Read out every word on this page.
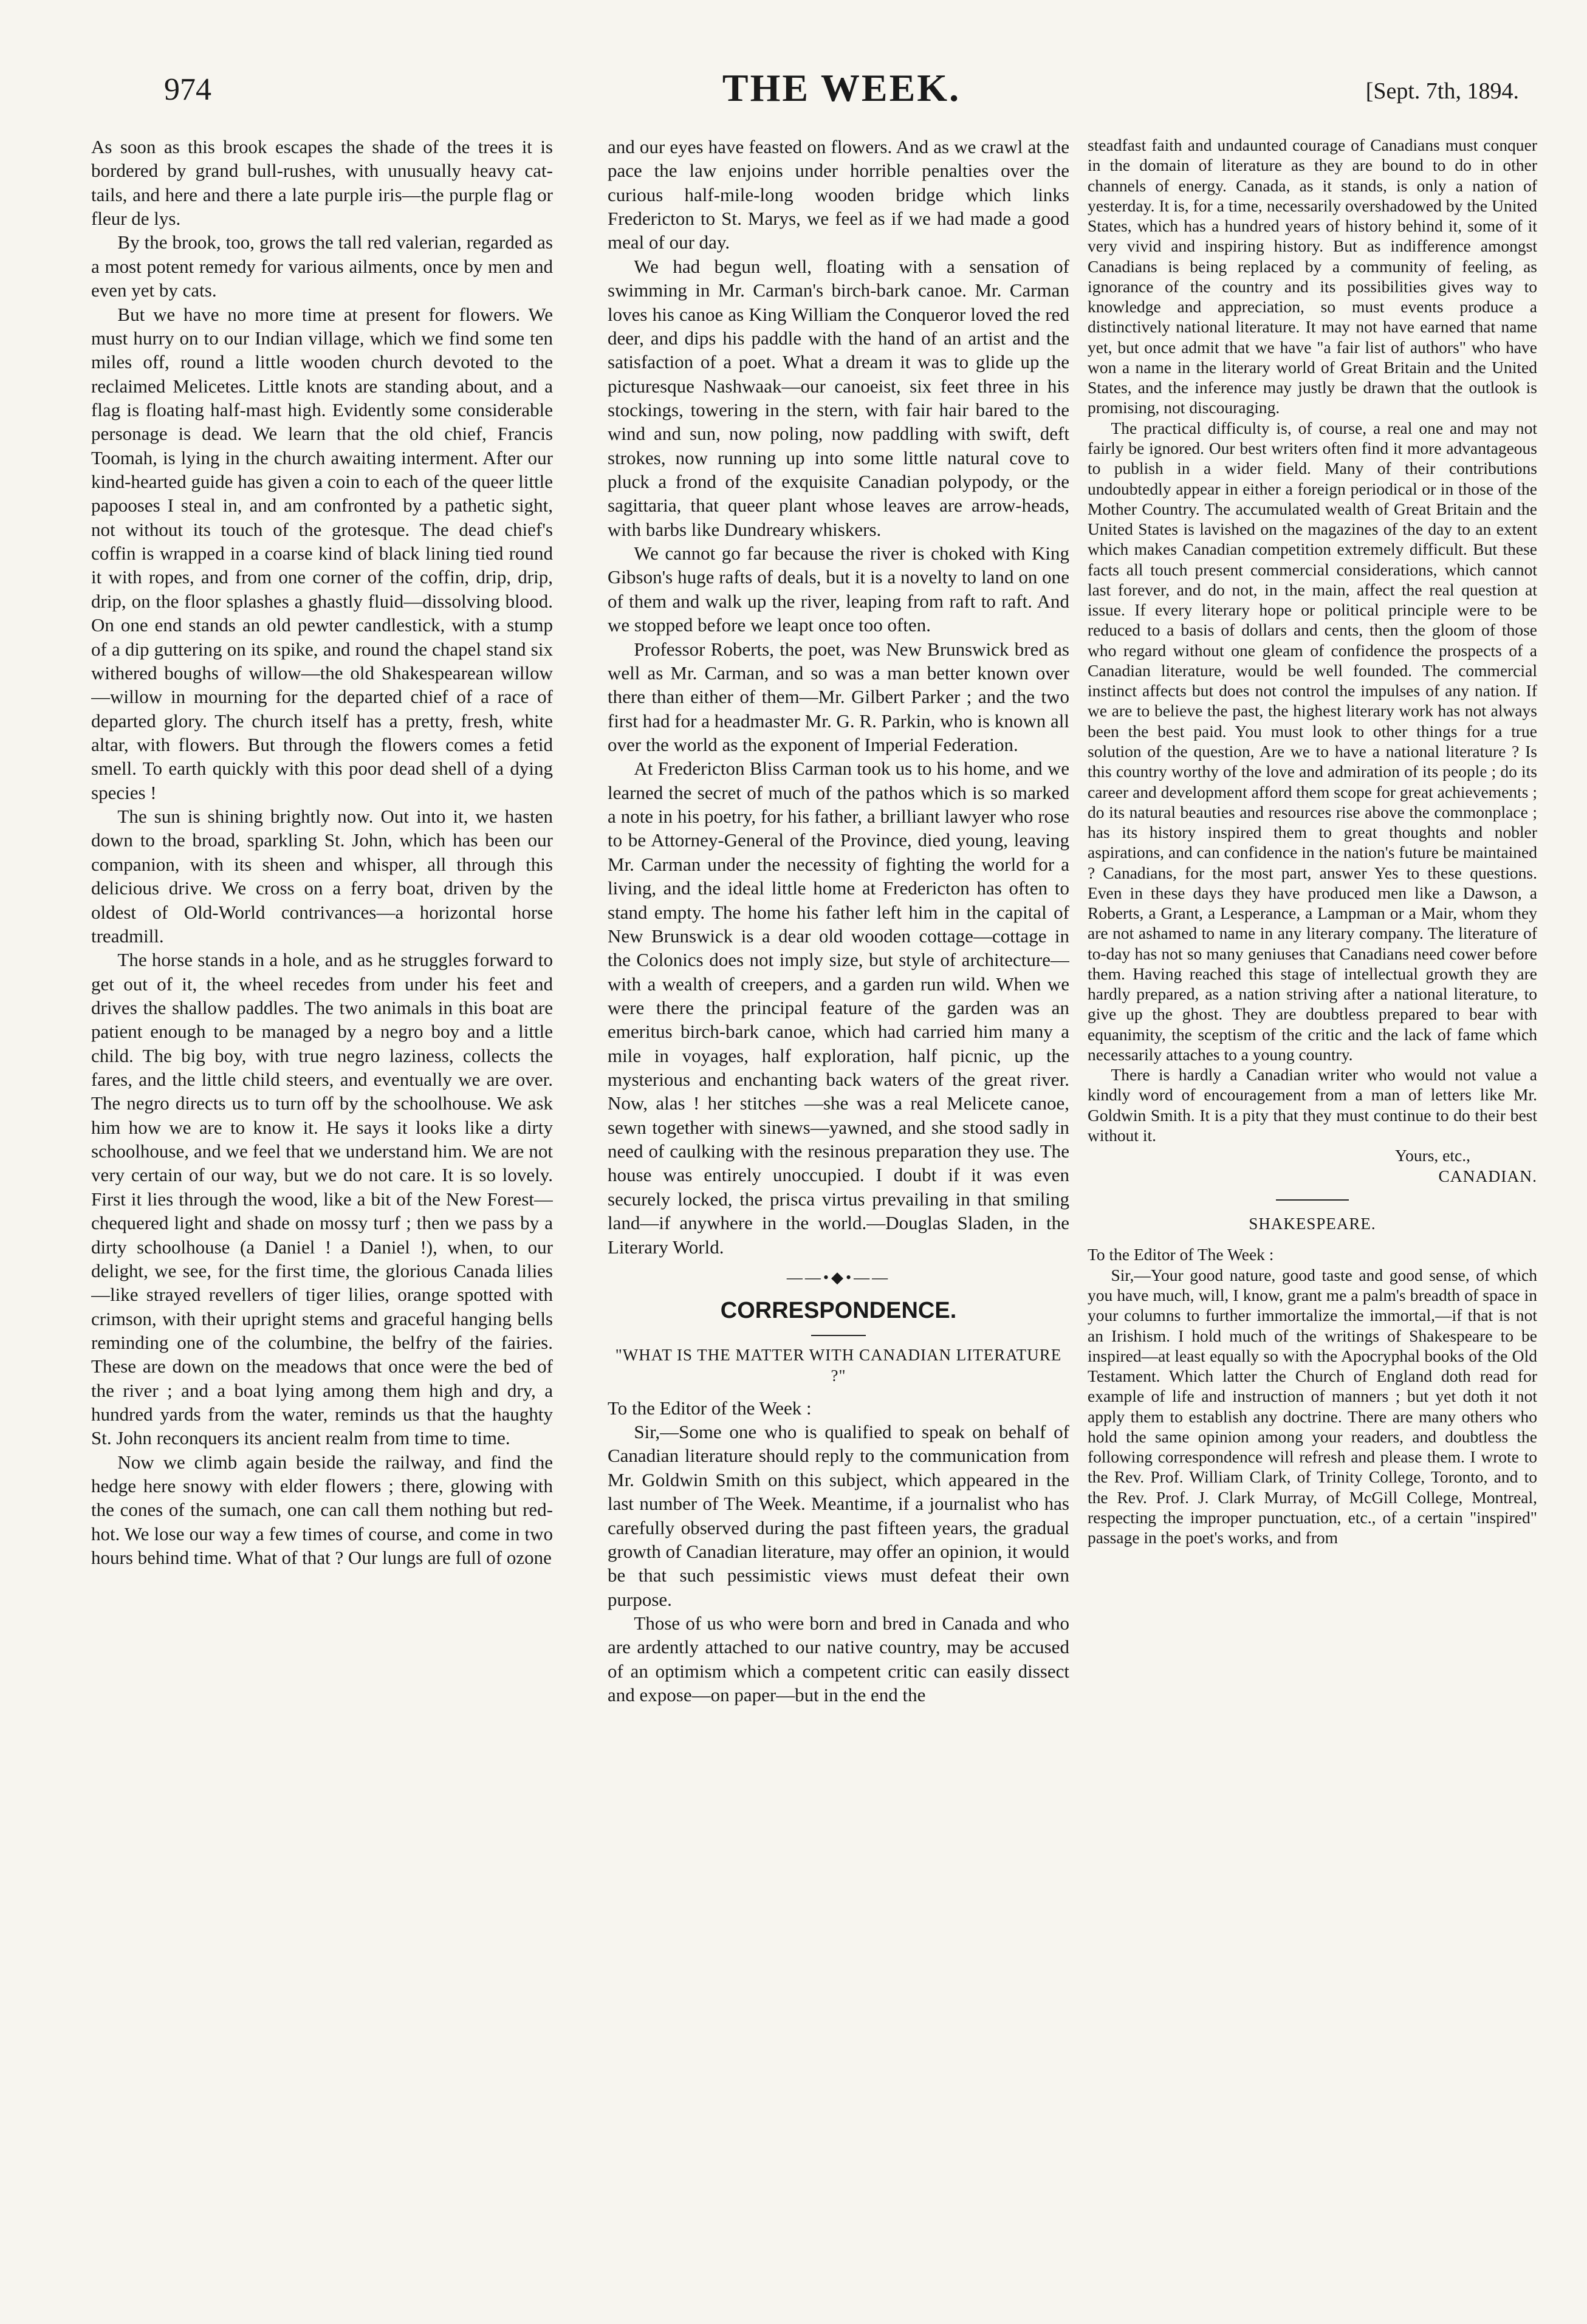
974	THE WEEK.	[Sept. 7th, 1894.

As soon as this brook escapes the shade of the trees it is bordered by grand bull-rushes, with unusually heavy cat-tails, and here and there a late purple iris—the purple flag or fleur de lys.

By the brook, too, grows the tall red valerian, regarded as a most potent remedy for various ailments, once by men and even yet by cats.

But we have no more time at present for flowers. We must hurry on to our Indian village, which we find some ten miles off, round a little wooden church devoted to the reclaimed Melicetes. Little knots are standing about, and a flag is floating half-mast high. Evidently some considerable personage is dead. We learn that the old chief, Francis Toomah, is lying in the church awaiting interment. After our kind-hearted guide has given a coin to each of the queer little papooses I steal in, and am confronted by a pathetic sight, not without its touch of the grotesque. The dead chief's coffin is wrapped in a coarse kind of black lining tied round it with ropes, and from one corner of the coffin, drip, drip, drip, on the floor splashes a ghastly fluid—dissolving blood. On one end stands an old pewter candlestick, with a stump of a dip guttering on its spike, and round the chapel stand six withered boughs of willow—the old Shakespearean willow—willow in mourning for the departed chief of a race of departed glory. The church itself has a pretty, fresh, white altar, with flowers. But through the flowers comes a fetid smell. To earth quickly with this poor dead shell of a dying species !

The sun is shining brightly now. Out into it, we hasten down to the broad, sparkling St. John, which has been our companion, with its sheen and whisper, all through this delicious drive. We cross on a ferry boat, driven by the oldest of Old-World contrivances—a horizontal horse treadmill.

The horse stands in a hole, and as he struggles forward to get out of it, the wheel recedes from under his feet and drives the shallow paddles. The two animals in this boat are patient enough to be managed by a negro boy and a little child. The big boy, with true negro laziness, collects the fares, and the little child steers, and eventually we are over. The negro directs us to turn off by the schoolhouse. We ask him how we are to know it. He says it looks like a dirty schoolhouse, and we feel that we understand him. We are not very certain of our way, but we do not care. It is so lovely. First it lies through the wood, like a bit of the New Forest—chequered light and shade on mossy turf ; then we pass by a dirty schoolhouse (a Daniel ! a Daniel !), when, to our delight, we see, for the first time, the glorious Canada lilies—like strayed revellers of tiger lilies, orange spotted with crimson, with their upright stems and graceful hanging bells reminding one of the columbine, the belfry of the fairies. These are down on the meadows that once were the bed of the river ; and a boat lying among them high and dry, a hundred yards from the water, reminds us that the haughty St. John reconquers its ancient realm from time to time.

Now we climb again beside the railway, and find the hedge here snowy with elder flowers ; there, glowing with the cones of the sumach, one can call them nothing but red-hot. We lose our way a few times of course, and come in two hours behind time. What of that ? Our lungs are full of ozone

and our eyes have feasted on flowers. And as we crawl at the pace the law enjoins under horrible penalties over the curious half-mile-long wooden bridge which links Fredericton to St. Marys, we feel as if we had made a good meal of our day.

We had begun well, floating with a sensation of swimming in Mr. Carman's birch-bark canoe. Mr. Carman loves his canoe as King William the Conqueror loved the red deer, and dips his paddle with the hand of an artist and the satisfaction of a poet. What a dream it was to glide up the picturesque Nashwaak—our canoeist, six feet three in his stockings, towering in the stern, with fair hair bared to the wind and sun, now poling, now paddling with swift, deft strokes, now running up into some little natural cove to pluck a frond of the exquisite Canadian polypody, or the sagittaria, that queer plant whose leaves are arrow-heads, with barbs like Dundreary whiskers.

We cannot go far because the river is choked with King Gibson's huge rafts of deals, but it is a novelty to land on one of them and walk up the river, leaping from raft to raft. And we stopped before we leapt once too often.

Professor Roberts, the poet, was New Brunswick bred as well as Mr. Carman, and so was a man better known over there than either of them—Mr. Gilbert Parker ; and the two first had for a headmaster Mr. G. R. Parkin, who is known all over the world as the exponent of Imperial Federation.

At Fredericton Bliss Carman took us to his home, and we learned the secret of much of the pathos which is so marked a note in his poetry, for his father, a brilliant lawyer who rose to be Attorney-General of the Province, died young, leaving Mr. Carman under the necessity of fighting the world for a living, and the ideal little home at Fredericton has often to stand empty. The home his father left him in the capital of New Brunswick is a dear old wooden cottage—cottage in the Colonics does not imply size, but style of architecture—with a wealth of creepers, and a garden run wild. When we were there the principal feature of the garden was an emeritus birch-bark canoe, which had carried him many a mile in voyages, half exploration, half picnic, up the mysterious and enchanting back waters of the great river. Now, alas ! her stitches —she was a real Melicete canoe, sewn together with sinews—yawned, and she stood sadly in need of caulking with the resinous preparation they use. The house was entirely unoccupied. I doubt if it was even securely locked, the prisca virtus prevailing in that smiling land—if anywhere in the world.—Douglas Sladen, in the Literary World.

——•◆•——
CORRESPONDENCE.
"WHAT IS THE MATTER WITH CANADIAN LITERATURE ?"

To the Editor of the Week :

Sir,—Some one who is qualified to speak on behalf of Canadian literature should reply to the communication from Mr. Goldwin Smith on this subject, which appeared in the last number of The Week. Meantime, if a journalist who has carefully observed during the past fifteen years, the gradual growth of Canadian literature, may offer an opinion, it would be that such pessimistic views must defeat their own purpose.

Those of us who were born and bred in Canada and who are ardently attached to our native country, may be accused of an optimism which a competent critic can easily dissect and expose—on paper—but in the end the

steadfast faith and undaunted courage of Canadians must conquer in the domain of literature as they are bound to do in other channels of energy. Canada, as it stands, is only a nation of yesterday. It is, for a time, necessarily overshadowed by the United States, which has a hundred years of history behind it, some of it very vivid and inspiring history. But as indifference amongst Canadians is being replaced by a community of feeling, as ignorance of the country and its possibilities gives way to knowledge and appreciation, so must events produce a distinctively national literature. It may not have earned that name yet, but once admit that we have "a fair list of authors" who have won a name in the literary world of Great Britain and the United States, and the inference may justly be drawn that the outlook is promising, not discouraging.

The practical difficulty is, of course, a real one and may not fairly be ignored. Our best writers often find it more advantageous to publish in a wider field. Many of their contributions undoubtedly appear in either a foreign periodical or in those of the Mother Country. The accumulated wealth of Great Britain and the United States is lavished on the magazines of the day to an extent which makes Canadian competition extremely difficult. But these facts all touch present commercial considerations, which cannot last forever, and do not, in the main, affect the real question at issue. If every literary hope or political principle were to be reduced to a basis of dollars and cents, then the gloom of those who regard without one gleam of confidence the prospects of a Canadian literature, would be well founded. The commercial instinct affects but does not control the impulses of any nation. If we are to believe the past, the highest literary work has not always been the best paid. You must look to other things for a true solution of the question, Are we to have a national literature ? Is this country worthy of the love and admiration of its people ; do its career and development afford them scope for great achievements ; do its natural beauties and resources rise above the commonplace ; has its history inspired them to great thoughts and nobler aspirations, and can confidence in the nation's future be maintained ? Canadians, for the most part, answer Yes to these questions. Even in these days they have produced men like a Dawson, a Roberts, a Grant, a Lesperance, a Lampman or a Mair, whom they are not ashamed to name in any literary company. The literature of to-day has not so many geniuses that Canadians need cower before them. Having reached this stage of intellectual growth they are hardly prepared, as a nation striving after a national literature, to give up the ghost. They are doubtless prepared to bear with equanimity, the sceptism of the critic and the lack of fame which necessarily attaches to a young country.

There is hardly a Canadian writer who would not value a kindly word of encouragement from a man of letters like Mr. Goldwin Smith. It is a pity that they must continue to do their best without it.

Yours, etc.,

CANADIAN.

SHAKESPEARE.

To the Editor of The Week :

Sir,—Your good nature, good taste and good sense, of which you have much, will, I know, grant me a palm's breadth of space in your columns to further immortalize the immortal,—if that is not an Irishism. I hold much of the writings of Shakespeare to be inspired—at least equally so with the Apocryphal books of the Old Testament. Which latter the Church of England doth read for example of life and instruction of manners ; but yet doth it not apply them to establish any doctrine. There are many others who hold the same opinion among your readers, and doubtless the following correspondence will refresh and please them. I wrote to the Rev. Prof. William Clark, of Trinity College, Toronto, and to the Rev. Prof. J. Clark Murray, of McGill College, Montreal, respecting the improper punctuation, etc., of a certain "inspired" passage in the poet's works, and from
